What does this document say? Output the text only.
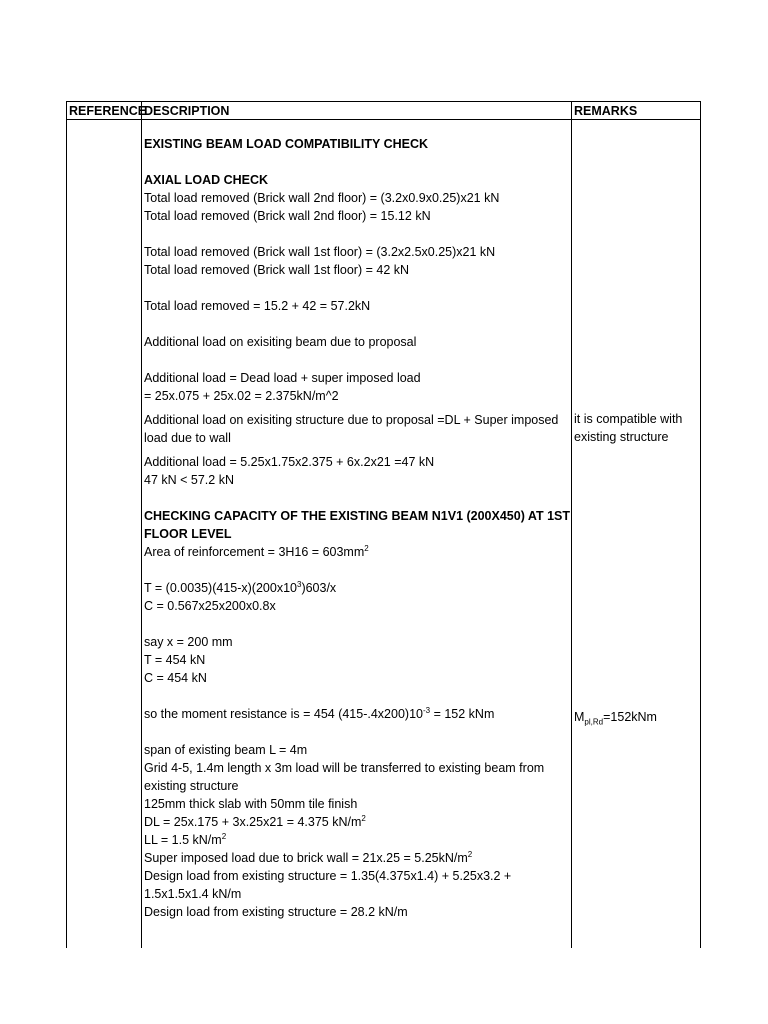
REFERENCE
DESCRIPTION	REMARKS
EXISTING BEAM LOAD COMPATIBILITY CHECK
AXIAL LOAD CHECK
Total load removed (Brick wall 2nd floor) = (3.2x0.9x0.25)x21 kN
Total load removed (Brick wall 2nd floor) = 15.12 kN
Total load removed (Brick wall 1st floor) = (3.2x2.5x0.25)x21 kN
Total load removed (Brick wall 1st floor) = 42 kN
Total load removed = 15.2 + 42 = 57.2kN
Additional load on exisiting beam due to proposal
Additional load = Dead load + super imposed load
= 25x.075 + 25x.02 = 2.375kN/m^2
Additional load on exisiting structure due to proposal =DL + Super imposed load due to wall
Additional load = 5.25x1.75x2.375 + 6x.2x21 =47 kN
47 kN < 57.2 kN
CHECKING CAPACITY OF THE EXISTING BEAM N1V1 (200X450) AT 1ST FLOOR LEVEL
Area of reinforcement = $3H16 = 603mm^2$
$T = (0.0035)(415-x)(200x10^3)603/x$
C = 0.567x25x200x0.8x
say x = 200 mm
T = 454 kN
C = 454 kN
so the moment resistance is = 454 $(415-.4x200)10^{-3} = 152$ kNm
span of existing beam L = 4m
Grid 4-5, 1.4m length x 3m load will be transferred to existing beam from existing structure
125mm thick slab with 50mm tile finish
DL = 25x.175 + 3x.25x21 = 4.375 $kN/m^2$
LL = 1.5 $kN/m^2$
Super imposed load due to brick wall = $21x.25 = 5.25kN/m^2$
Design load from existing structure = 1.35(4.375x1.4) + 5.25x3.2 + 1.5x1.5x1.4 kN/m
Design load from existing structure = 28.2 kN/m
it is compatible with existing structure
$M_{pl,Rd}=152kNm$
